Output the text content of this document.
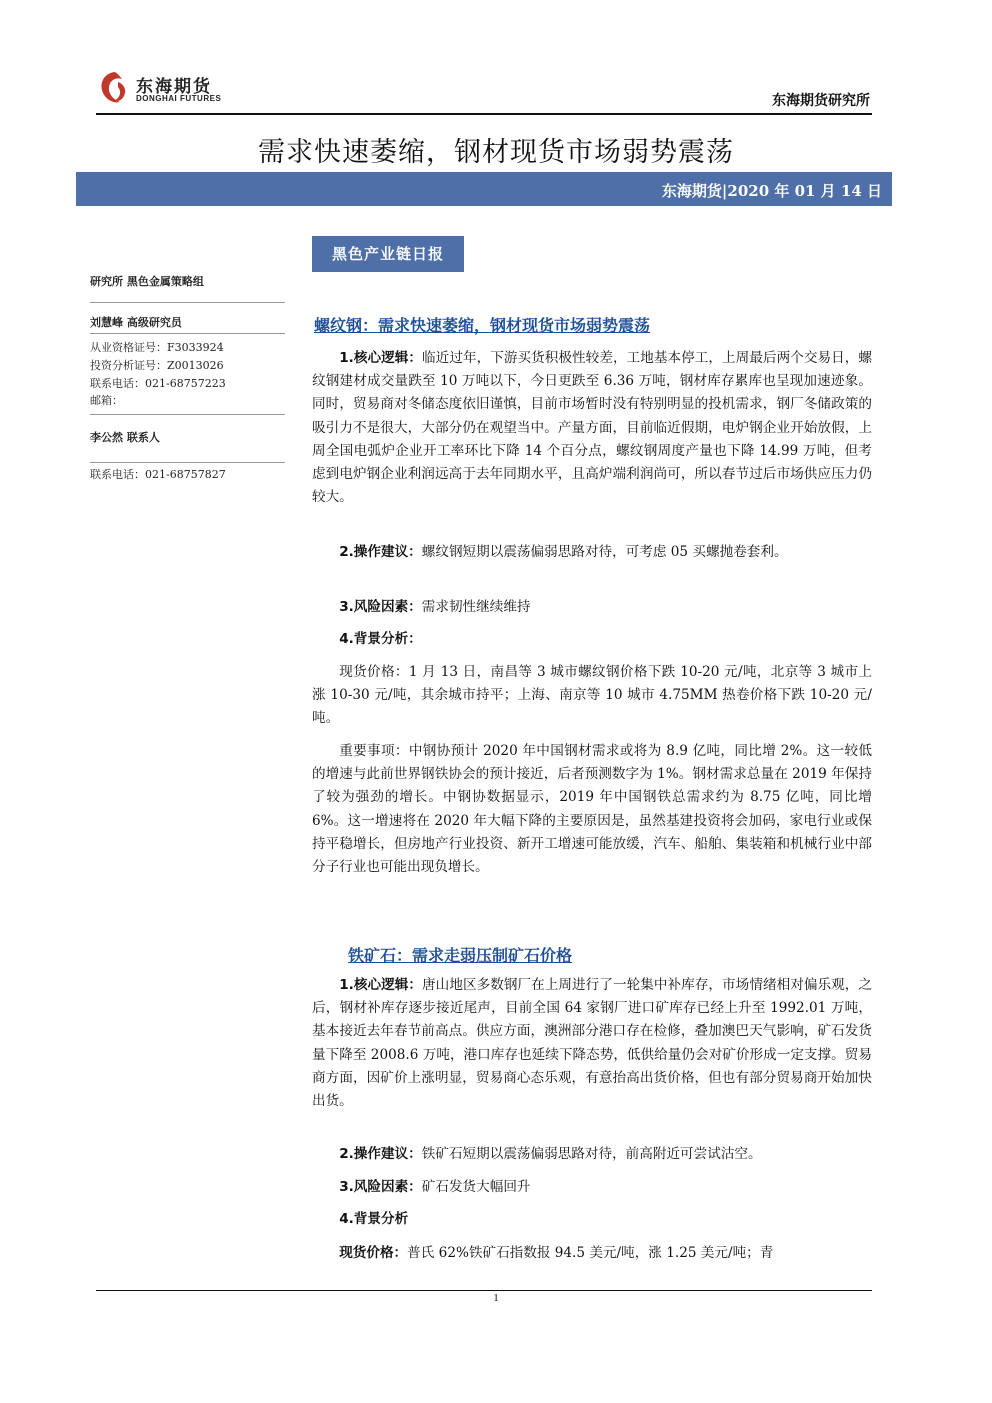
东海期货
DONGHAI FUTURES	东海期货研究所
需求快速萎缩，钢材现货市场弱势震荡
东海期货|2020 年 01 月 14 日
黑色产业链日报
研究所 黑色金属策略组
刘慧峰 高级研究员
从业资格证号：F3033924
投资分析证号：Z0013026
联系电话：021-68757223
邮箱：
李公然 联系人
联系电话：021-68757827
螺纹钢：需求快速萎缩，钢材现货市场弱势震荡

1.核心逻辑：临近过年，下游买货积极性较差，工地基本停工，上周最后两个交易日，螺纹钢建材成交量跌至 10 万吨以下，今日更跌至 6.36 万吨，钢材库存累库也呈现加速迹象。同时，贸易商对冬储态度依旧谨慎，目前市场暂时没有特别明显的投机需求，钢厂冬储政策的吸引力不是很大，大部分仍在观望当中。产量方面，目前临近假期，电炉钢企业开始放假，上周全国电弧炉企业开工率环比下降 14 个百分点，螺纹钢周度产量也下降 14.99 万吨，但考虑到电炉钢企业利润远高于去年同期水平，且高炉端利润尚可，所以春节过后市场供应压力仍较大。

2.操作建议：螺纹钢短期以震荡偏弱思路对待，可考虑 05 买螺抛卷套利。

3.风险因素：需求韧性继续维持

4.背景分析：

现货价格：1 月 13 日，南昌等 3 城市螺纹钢价格下跌 10-20 元/吨，北京等 3 城市上涨 10-30 元/吨，其余城市持平；上海、南京等 10 城市 4.75MM 热卷价格下跌 10-20 元/吨。

重要事项：中钢协预计 2020 年中国钢材需求或将为 8.9 亿吨，同比增 2%。这一较低的增速与此前世界钢铁协会的预计接近，后者预测数字为 1%。钢材需求总量在 2019 年保持了较为强劲的增长。中钢协数据显示，2019 年中国钢铁总需求约为 8.75 亿吨，同比增 6%。这一增速将在 2020 年大幅下降的主要原因是，虽然基建投资将会加码，家电行业或保持平稳增长，但房地产行业投资、新开工增速可能放缓，汽车、船舶、集装箱和机械行业中部分子行业也可能出现负增长。

铁矿石：需求走弱压制矿石价格

1.核心逻辑：唐山地区多数钢厂在上周进行了一轮集中补库存，市场情绪相对偏乐观，之后，钢材补库存逐步接近尾声，目前全国 64 家钢厂进口矿库存已经上升至 1992.01 万吨，基本接近去年春节前高点。供应方面，澳洲部分港口存在检修，叠加澳巴天气影响，矿石发货量下降至 2008.6 万吨，港口库存也延续下降态势，低供给量仍会对矿价形成一定支撑。贸易商方面，因矿价上涨明显，贸易商心态乐观，有意抬高出货价格，但也有部分贸易商开始加快出货。

2.操作建议：铁矿石短期以震荡偏弱思路对待，前高附近可尝试沽空。

3.风险因素：矿石发货大幅回升

4.背景分析

现货价格：普氏 62%铁矿石指数报 94.5 美元/吨，涨 1.25 美元/吨；青

1
